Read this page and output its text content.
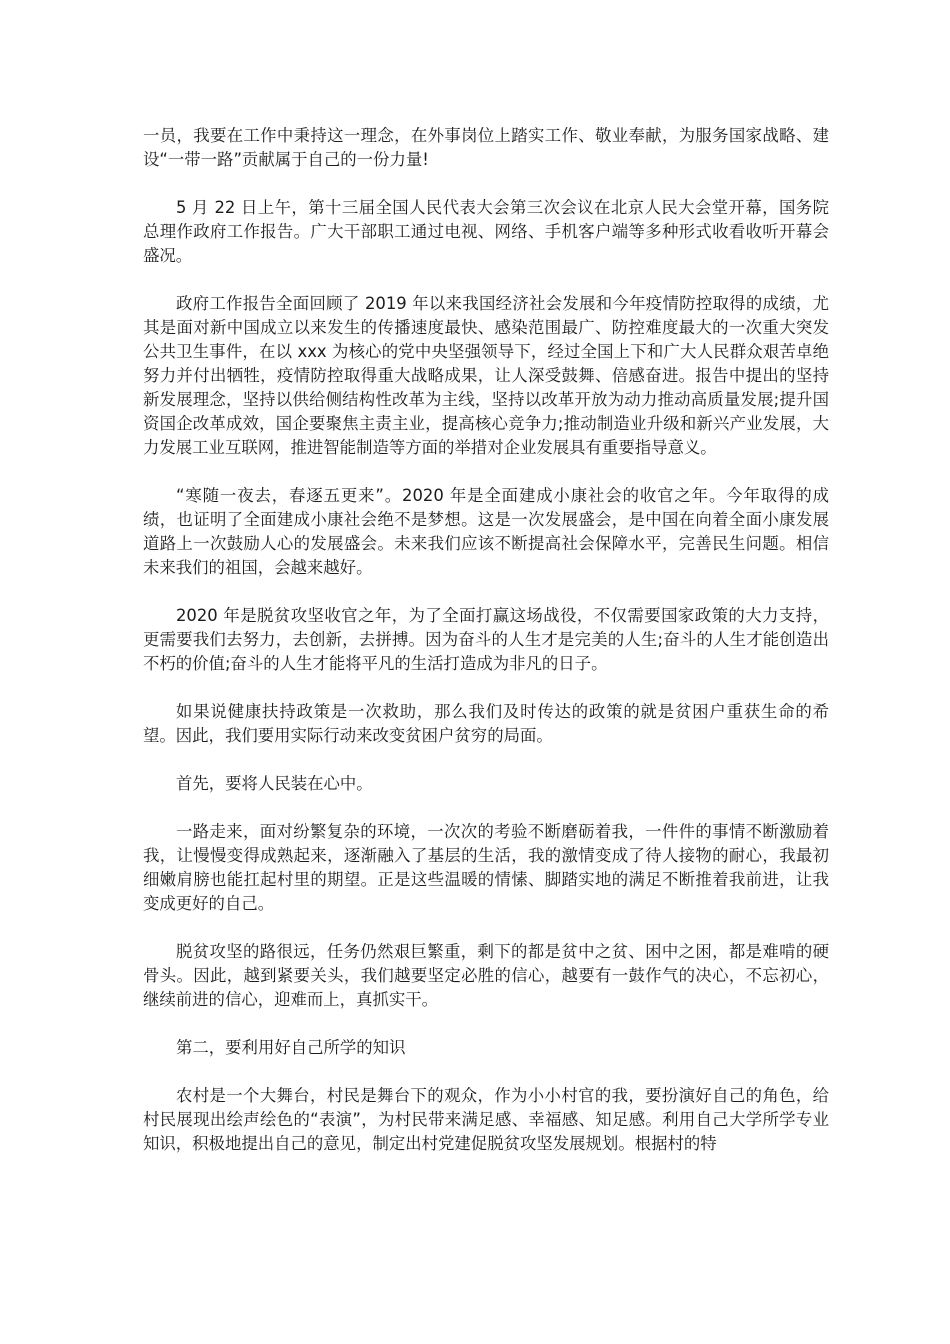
一员，我要在工作中秉持这一理念，在外事岗位上踏实工作、敬业奉献，为服务国家战略、建设“一带一路”贡献属于自己的一份力量!

5 月 22 日上午，第十三届全国人民代表大会第三次会议在北京人民大会堂开幕，国务院总理作政府工作报告。广大干部职工通过电视、网络、手机客户端等多种形式收看收听开幕会盛况。

政府工作报告全面回顾了 2019 年以来我国经济社会发展和今年疫情防控取得的成绩，尤其是面对新中国成立以来发生的传播速度最快、感染范围最广、防控难度最大的一次重大突发公共卫生事件，在以 xxx 为核心的党中央坚强领导下，经过全国上下和广大人民群众艰苦卓绝努力并付出牺牲，疫情防控取得重大战略成果，让人深受鼓舞、倍感奋进。报告中提出的坚持新发展理念，坚持以供给侧结构性改革为主线，坚持以改革开放为动力推动高质量发展;提升国资国企改革成效，国企要聚焦主责主业，提高核心竞争力;推动制造业升级和新兴产业发展，大力发展工业互联网，推进智能制造等方面的举措对企业发展具有重要指导意义。

“寒随一夜去，春逐五更来”。2020 年是全面建成小康社会的收官之年。今年取得的成绩，也证明了全面建成小康社会绝不是梦想。这是一次发展盛会，是中国在向着全面小康发展道路上一次鼓励人心的发展盛会。未来我们应该不断提高社会保障水平，完善民生问题。相信未来我们的祖国，会越来越好。

2020 年是脱贫攻坚收官之年，为了全面打赢这场战役，不仅需要国家政策的大力支持，更需要我们去努力，去创新，去拼搏。因为奋斗的人生才是完美的人生;奋斗的人生才能创造出不朽的价值;奋斗的人生才能将平凡的生活打造成为非凡的日子。

如果说健康扶持政策是一次救助，那么我们及时传达的政策的就是贫困户重获生命的希望。因此，我们要用实际行动来改变贫困户贫穷的局面。

首先，要将人民装在心中。

一路走来，面对纷繁复杂的环境，一次次的考验不断磨砺着我，一件件的事情不断激励着我，让慢慢变得成熟起来，逐渐融入了基层的生活，我的激情变成了待人接物的耐心，我最初细嫩肩膀也能扛起村里的期望。正是这些温暖的情愫、脚踏实地的满足不断推着我前进，让我变成更好的自己。

脱贫攻坚的路很远，任务仍然艰巨繁重，剩下的都是贫中之贫、困中之困，都是难啃的硬骨头。因此，越到紧要关头，我们越要坚定必胜的信心，越要有一鼓作气的决心，不忘初心，继续前进的信心，迎难而上，真抓实干。

第二，要利用好自己所学的知识

农村是一个大舞台，村民是舞台下的观众，作为小小村官的我，要扮演好自己的角色，给村民展现出绘声绘色的“表演”，为村民带来满足感、幸福感、知足感。利用自己大学所学专业知识，积极地提出自己的意见，制定出村党建促脱贫攻坚发展规划。根据村的特
